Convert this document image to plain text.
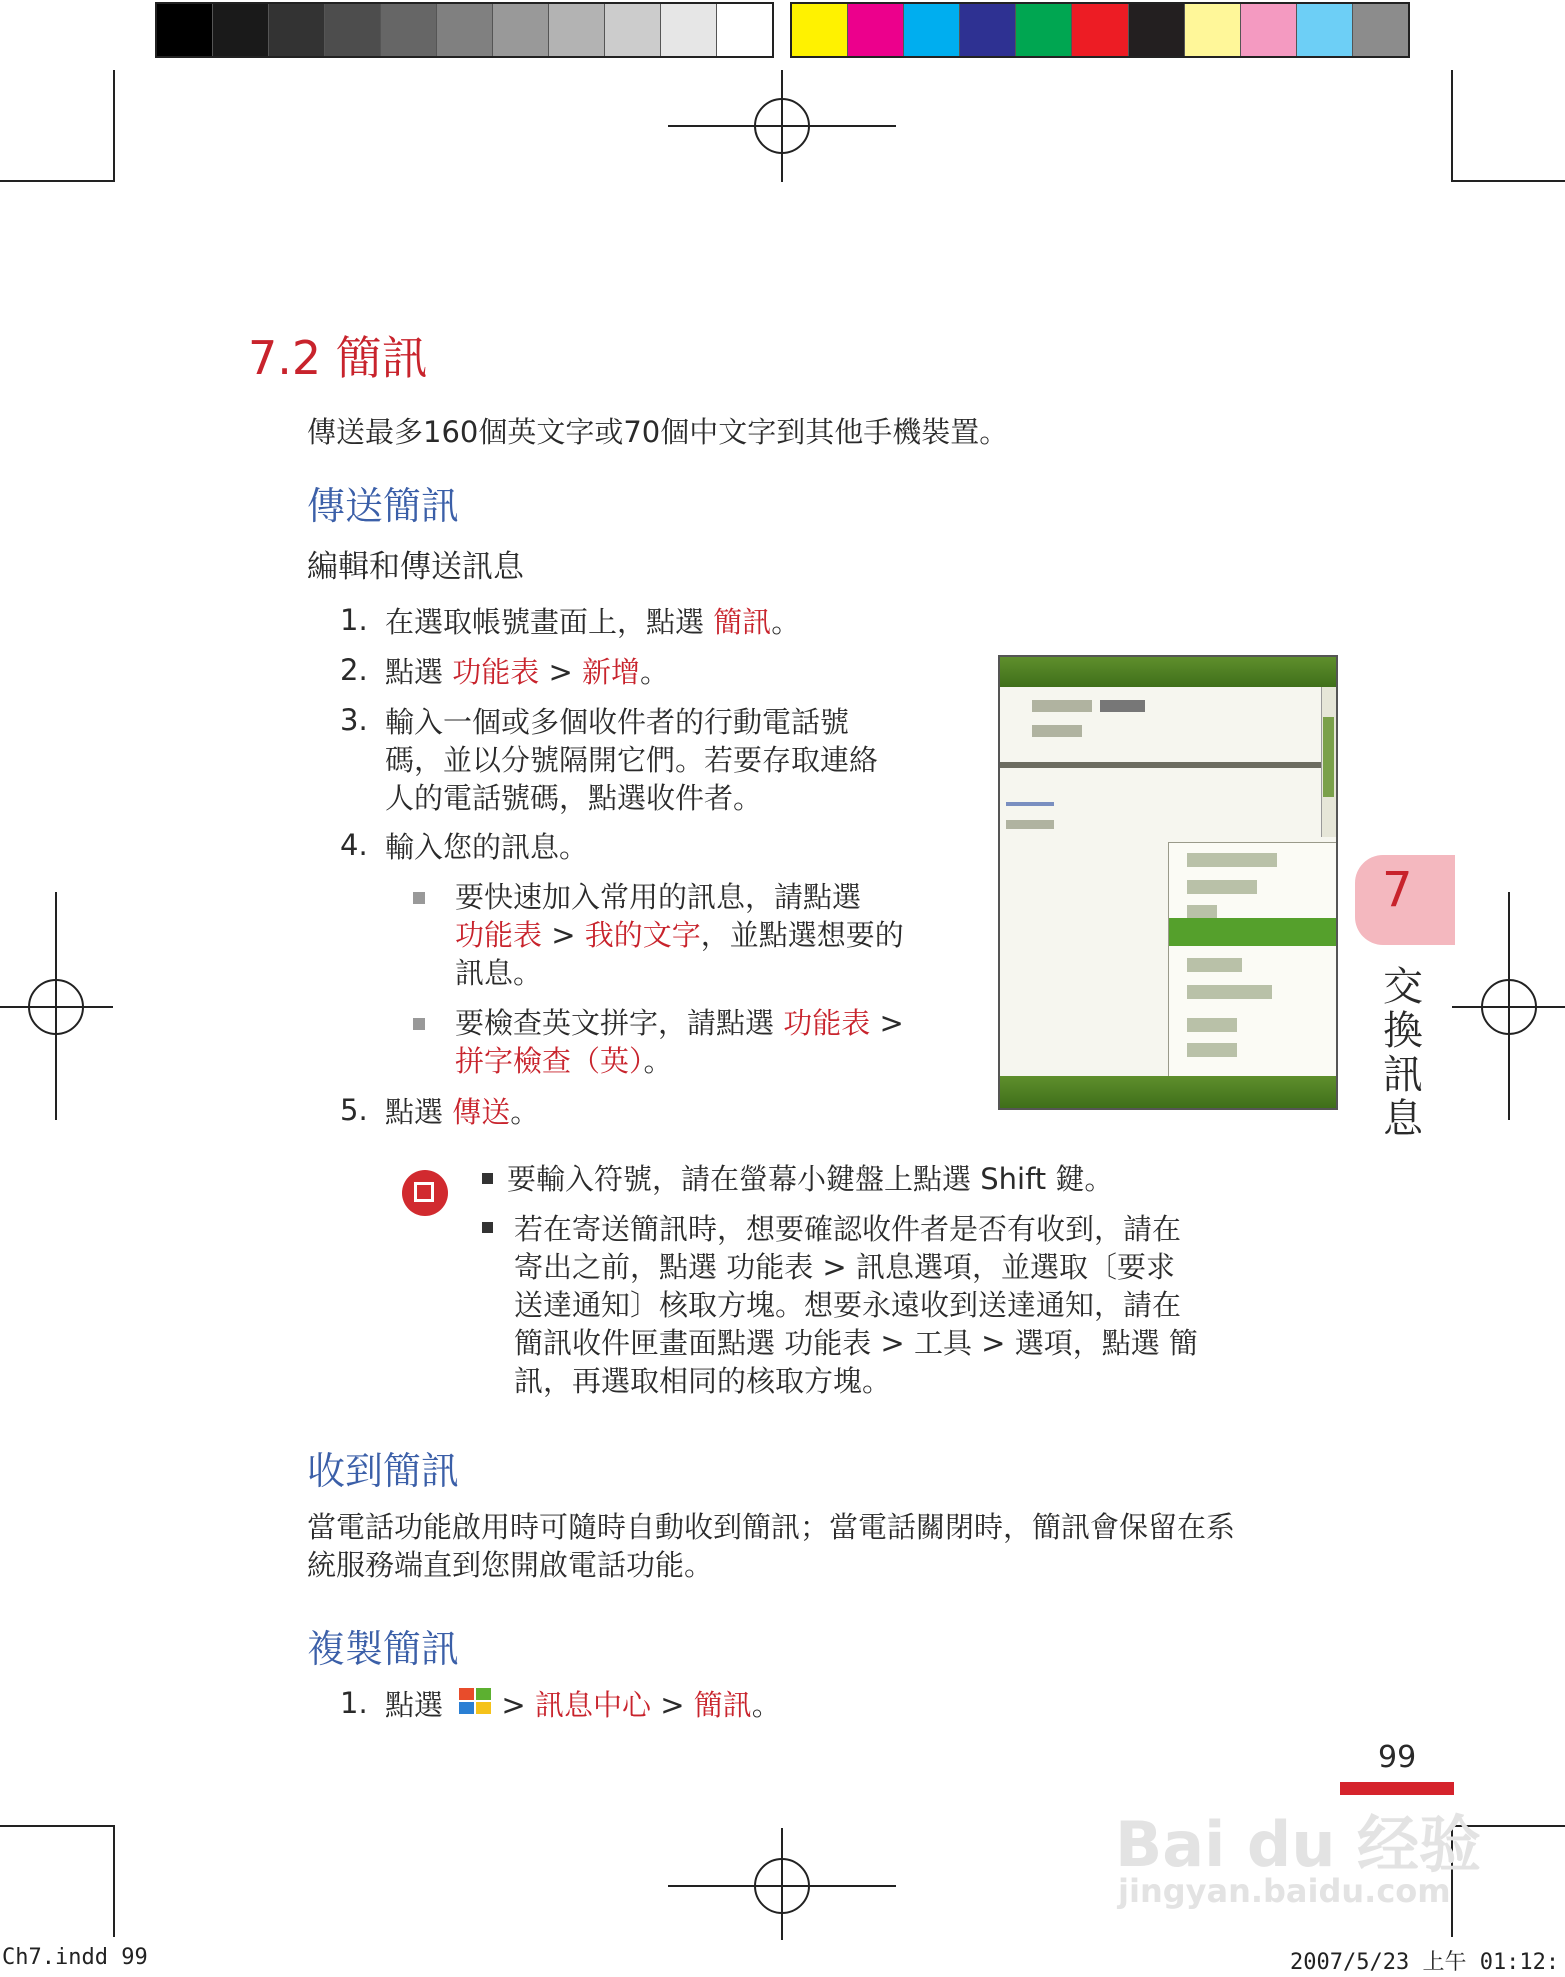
7.2 簡訊
傳送最多160個英文字或70個中文字到其他手機裝置。
傳送簡訊
編輯和傳送訊息
1. 在選取帳號畫面上，點選 簡訊。
2. 點選 功能表 > 新增。
3. 輸入一個或多個收件者的行動電話號
碼，並以分號隔開它們。若要存取連絡
人的電話號碼，點選收件者。
4. 輸入您的訊息。
要快速加入常用的訊息，請點選
功能表 > 我的文字，並點選想要的
訊息。
要檢查英文拼字，請點選 功能表 >
拼字檢查（英）。
5. 點選 傳送。
要輸入符號，請在螢幕小鍵盤上點選 Shift 鍵。
若在寄送簡訊時，想要確認收件者是否有收到，請在
寄出之前，點選 功能表 > 訊息選項，並選取〔要求
送達通知〕核取方塊。想要永遠收到送達通知，請在
簡訊收件匣畫面點選 功能表 > 工具 > 選項，點選 簡
訊，再選取相同的核取方塊。
收到簡訊
當電話功能啟用時可隨時自動收到簡訊；當電話關閉時，簡訊會保留在系
統服務端直到您開啟電話功能。
複製簡訊
1. 點選  > 訊息中心 > 簡訊。
7
交
換
訊
息
99
Bai du 经验
jingyan.baidu.com
Ch7.indd 99	2007/5/23 上午 01:12:
